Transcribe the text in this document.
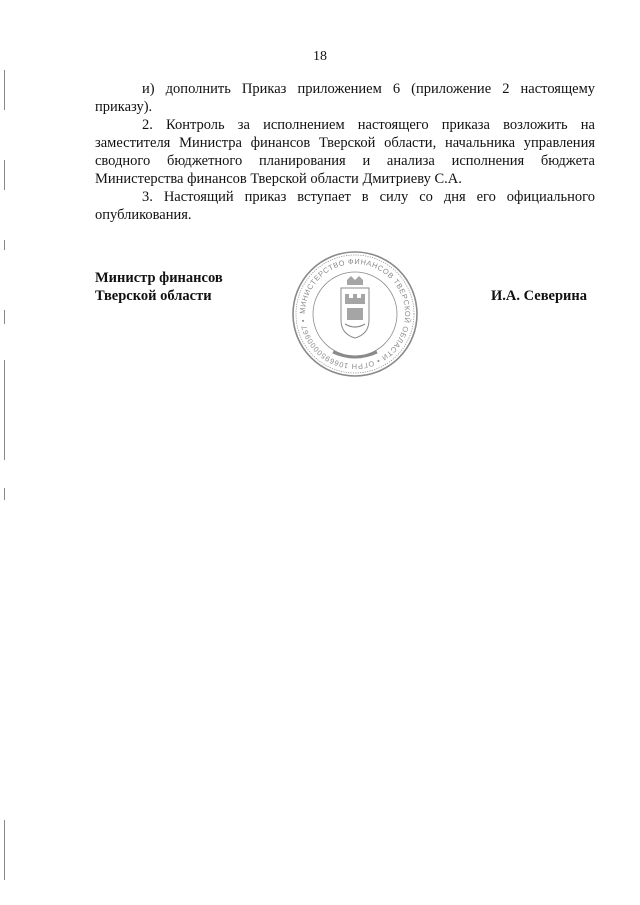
18

и) дополнить Приказ приложением 6 (приложение 2 настоящему приказу).

2. Контроль за исполнением настоящего приказа возложить на заместителя Министра финансов Тверской области, начальника управления сводного бюджетного планирования и анализа исполнения бюджета Министерства финансов Тверской области Дмитриеву С.А.

3. Настоящий приказ вступает в силу со дня его официального опубликования.

Министр финансов
Тверской области
МИНИСТЕРСТВО ФИНАНСОВ ТВЕРСКОЙ ОБЛАСТИ • ОГРН 1066950000967 •
И.А. Северина
